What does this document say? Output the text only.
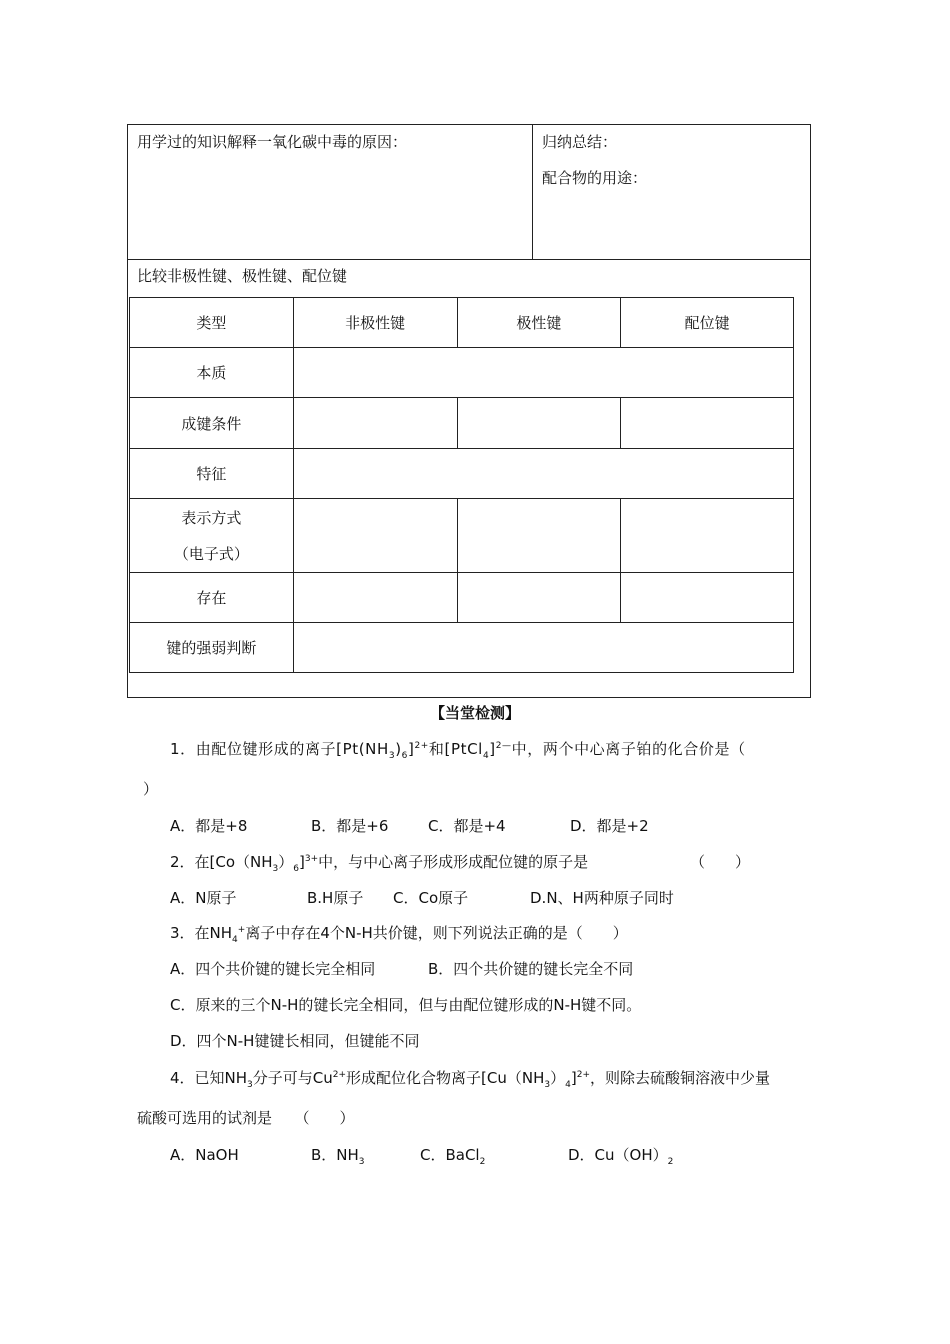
用学过的知识解释一氧化碳中毒的原因：	归纳总结：
配合物的用途：
比较非极性键、极性键、配位键
类型	非极性键	极性键	配位键
本质			
成键条件			
特征			

表示方式
（电子式）			

存在			
键的强弱判断			
【当堂检测】
1．由配位键形成的离子$[Pt(NH_3)_6]^{2+}$和[PtCl$_4$]$^{2—}$中，两个中心离子铂的化合价是（
）
A．都是+8	B．都是+6	C．都是+4	D．都是+2
2．在$[Co(NH_3)_6]^{3+}$中，与中心离子形成形成配位键的原子是	（　　）
A．N原子	B.H原子 C．Co原子	D.N、H两种原子同时
3．在$NH_4^+$离子中存在4个N-H共价键，则下列说法正确的是（　　）
A．四个共价键的键长完全相同	B．四个共价键的键长完全不同
C．原来的三个N-H的键长完全相同，但与由配位键形成的N-H键不同。
D．四个N-H键键长相同，但键能不同
4．已知$NH_3$分子可与$Cu^{2+}$形成配位化合物离子$[Cu(NH_3)_4]^{2+}$，则除去硫酸铜溶液中少量
硫酸可选用的试剂是　　（　　）
A．NaOH	B．$NH_3$	C．BaCl$_2$	D．$Cu(OH)_2$
